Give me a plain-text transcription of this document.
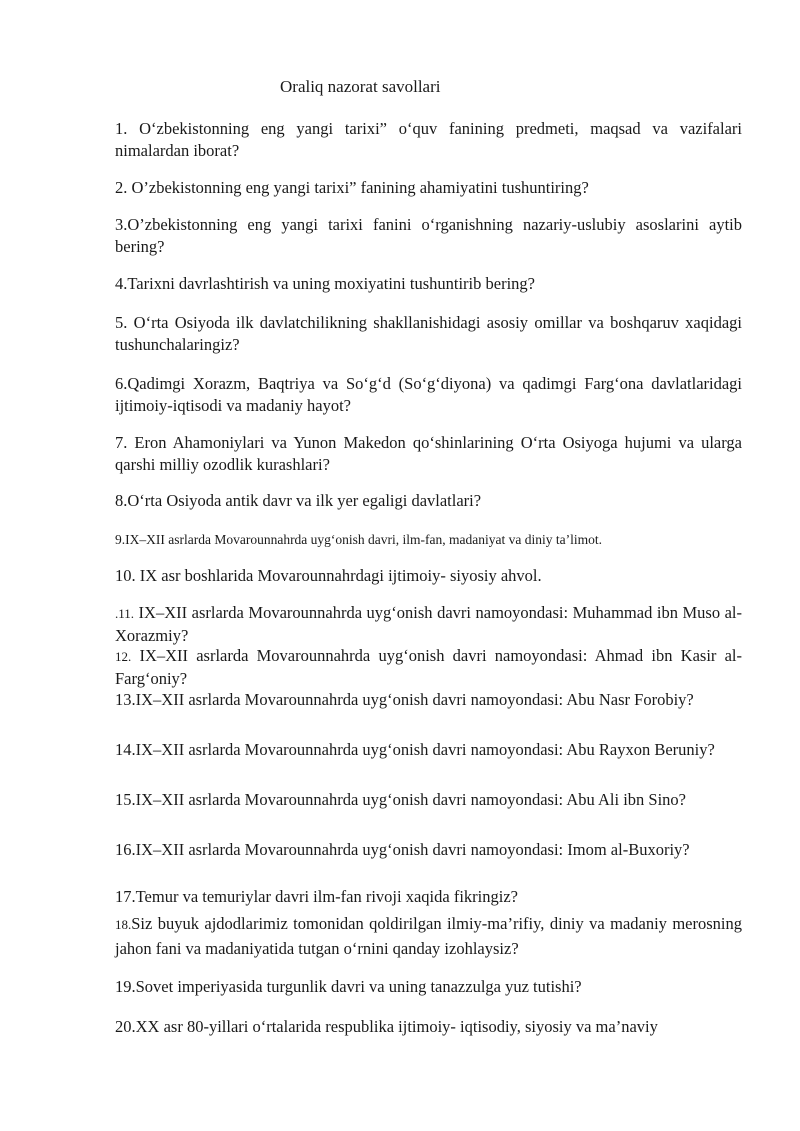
Oraliq nazorat savollari

1. O‘zbekistonning eng yangi tarixi” o‘quv fanining predmeti, maqsad va vazifalari nimalardan iborat?

2. O’zbekistonning eng yangi tarixi” fanining ahamiyatini tushuntiring?

3.O’zbekistonning eng yangi tarixi fanini o‘rganishning nazariy-uslubiy asoslarini aytib bering?

4.Tarixni davrlashtirish va uning moxiyatini tushuntirib bering?

5. O‘rta Osiyoda ilk davlatchilikning shakllanishidagi asosiy omillar va boshqaruv xaqidagi tushunchalaringiz?

6.Qadimgi Xorazm, Baqtriya va So‘g‘d (So‘g‘diyona) va qadimgi Farg‘ona davlatlaridagi ijtimoiy-iqtisodi va madaniy hayot?

7. Eron Ahamoniylari va Yunon Makedon qo‘shinlarining O‘rta Osiyoga hujumi va ularga qarshi milliy ozodlik kurashlari?

8.O‘rta Osiyoda antik davr va ilk yer egaligi davlatlari?

9.IX–XII asrlarda Movarounnahrda uyg‘onish davri, ilm-fan, madaniyat va diniy ta’limot.

10. IX asr boshlarida Movarounnahrdagi ijtimoiy- siyosiy ahvol.

.11. IX–XII asrlarda Movarounnahrda uyg‘onish davri namoyondasi: Muhammad ibn Muso al-Xorazmiy?

12. IX–XII asrlarda Movarounnahrda uyg‘onish davri namoyondasi: Ahmad ibn Kasir al-Farg‘oniy?

13.IX–XII asrlarda Movarounnahrda uyg‘onish davri namoyondasi: Abu Nasr Forobiy?

14.IX–XII asrlarda Movarounnahrda uyg‘onish davri namoyondasi: Abu Rayxon Beruniy?

15.IX–XII asrlarda Movarounnahrda uyg‘onish davri namoyondasi: Abu Ali ibn Sino?

16.IX–XII asrlarda Movarounnahrda uyg‘onish davri namoyondasi: Imom al-Buxoriy?

17.Temur va temuriylar davri ilm-fan rivoji xaqida fikringiz?

18.Siz buyuk ajdodlarimiz tomonidan qoldirilgan ilmiy-ma’rifiy, diniy va madaniy merosning jahon fani va madaniyatida tutgan o‘rnini qanday izohlaysiz?

19.Sovet imperiyasida turgunlik davri va uning tanazzulga yuz tutishi?

20.XX asr 80-yillari o‘rtalarida respublika ijtimoiy- iqtisodiy, siyosiy va ma’naviy
